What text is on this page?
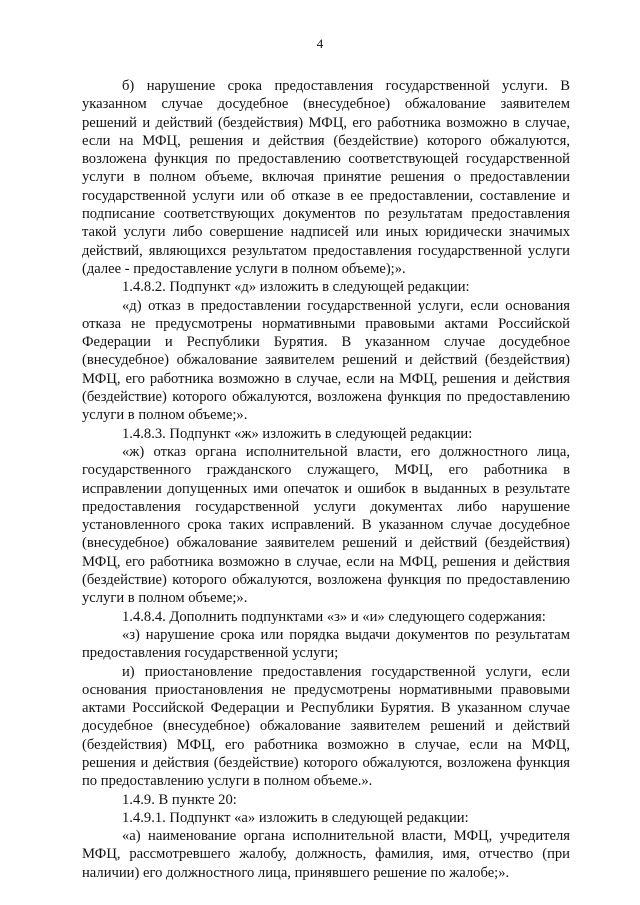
4

б) нарушение срока предоставления государственной услуги. В указанном случае досудебное (внесудебное) обжалование заявителем решений и действий (бездействия) МФЦ, его работника возможно в случае, если на МФЦ, решения и действия (бездействие) которого обжалуются, возложена функция по предоставлению соответствующей государственной услуги в полном объеме, включая принятие решения о предоставлении государственной услуги или об отказе в ее предоставлении, составление и подписание соответствующих документов по результатам предоставления такой услуги либо совершение надписей или иных юридически значимых действий, являющихся результатом предоставления государственной услуги (далее - предоставление услуги в полном объеме);».

1.4.8.2. Подпункт «д» изложить в следующей редакции:

«д) отказ в предоставлении государственной услуги, если основания отказа не предусмотрены нормативными правовыми актами Российской Федерации и Республики Бурятия. В указанном случае досудебное (внесудебное) обжалование заявителем решений и действий (бездействия) МФЦ, его работника возможно в случае, если на МФЦ, решения и действия (бездействие) которого обжалуются, возложена функция по предоставлению услуги в полном объеме;».

1.4.8.3. Подпункт «ж» изложить в следующей редакции:

«ж) отказ органа исполнительной власти, его должностного лица, государственного гражданского служащего, МФЦ, его работника в исправлении допущенных ими опечаток и ошибок в выданных в результате предоставления государственной услуги документах либо нарушение установленного срока таких исправлений. В указанном случае досудебное (внесудебное) обжалование заявителем решений и действий (бездействия) МФЦ, его работника возможно в случае, если на МФЦ, решения и действия (бездействие) которого обжалуются, возложена функция по предоставлению услуги в полном объеме;».

1.4.8.4. Дополнить подпунктами «з» и «и» следующего содержания:

«з) нарушение срока или порядка выдачи документов по результатам предоставления государственной услуги;

и) приостановление предоставления государственной услуги, если основания приостановления не предусмотрены нормативными правовыми актами Российской Федерации и Республики Бурятия. В указанном случае досудебное (внесудебное) обжалование заявителем решений и действий (бездействия) МФЦ, его работника возможно в случае, если на МФЦ, решения и действия (бездействие) которого обжалуются, возложена функция по предоставлению услуги в полном объеме.».

1.4.9. В пункте 20:

1.4.9.1. Подпункт «а» изложить в следующей редакции:

«а) наименование органа исполнительной власти, МФЦ, учредителя МФЦ, рассмотревшего жалобу, должность, фамилия, имя, отчество (при наличии) его должностного лица, принявшего решение по жалобе;».
